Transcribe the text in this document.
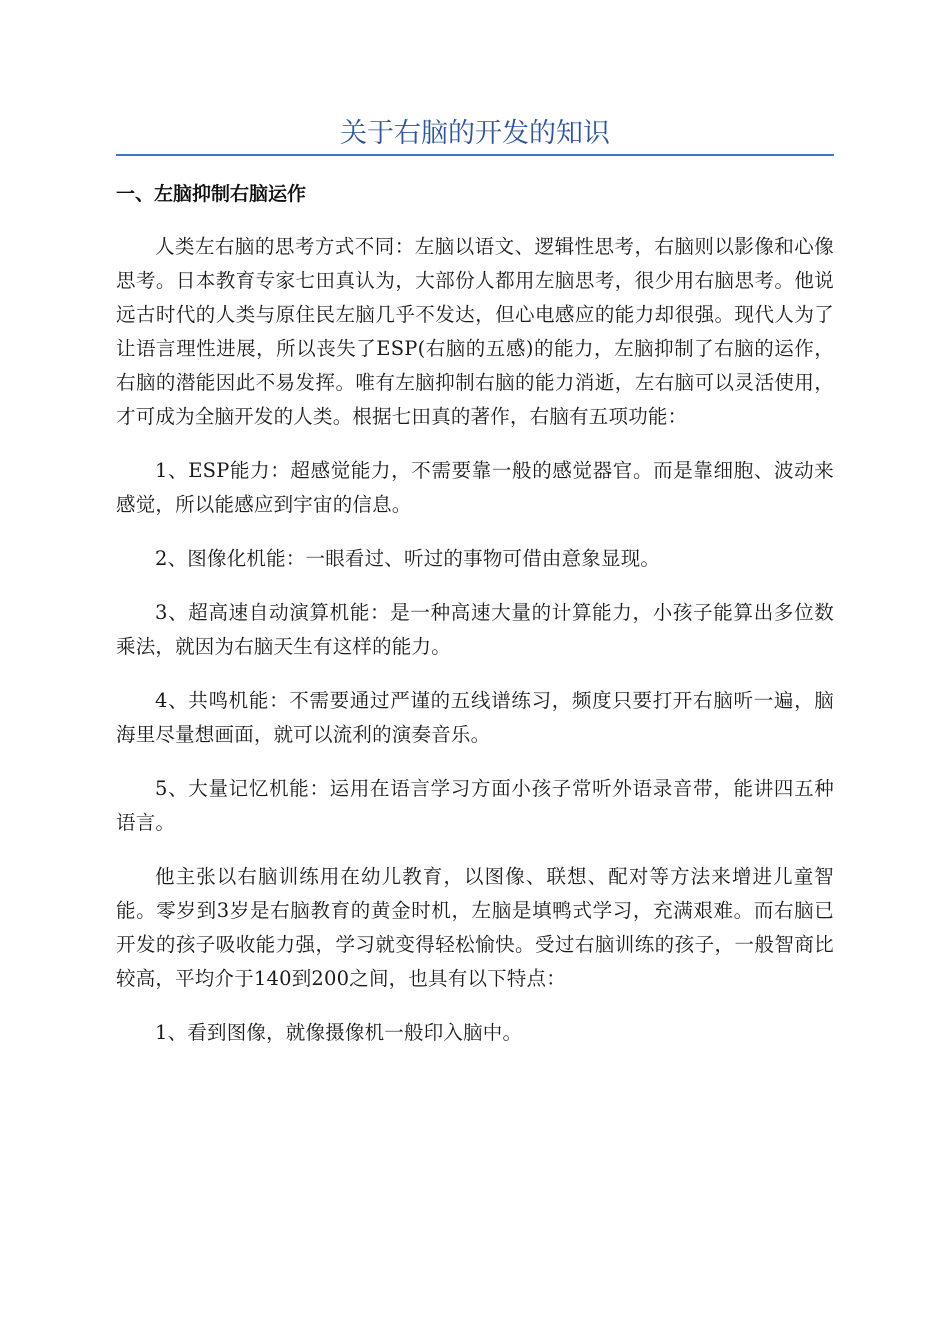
关于右脑的开发的知识
一、左脑抑制右脑运作

人类左右脑的思考方式不同：左脑以语文、逻辑性思考，右脑则以影像和心像思考。日本教育专家七田真认为，大部份人都用左脑思考，很少用右脑思考。他说远古时代的人类与原住民左脑几乎不发达，但心电感应的能力却很强。现代人为了让语言理性进展，所以丧失了ESP(右脑的五感)的能力，左脑抑制了右脑的运作，右脑的潜能因此不易发挥。唯有左脑抑制右脑的能力消逝，左右脑可以灵活使用，才可成为全脑开发的人类。根据七田真的著作，右脑有五项功能：

1、ESP能力：超感觉能力，不需要靠一般的感觉器官。而是靠细胞、波动来感觉，所以能感应到宇宙的信息。

2、图像化机能：一眼看过、听过的事物可借由意象显现。

3、超高速自动演算机能：是一种高速大量的计算能力，小孩子能算出多位数乘法，就因为右脑天生有这样的能力。

4、共鸣机能：不需要通过严谨的五线谱练习，频度只要打开右脑听一遍，脑海里尽量想画面，就可以流利的演奏音乐。

5、大量记忆机能：运用在语言学习方面小孩子常听外语录音带，能讲四五种语言。

他主张以右脑训练用在幼儿教育，以图像、联想、配对等方法来增进儿童智能。零岁到3岁是右脑教育的黄金时机，左脑是填鸭式学习，充满艰难。而右脑已开发的孩子吸收能力强，学习就变得轻松愉快。受过右脑训练的孩子，一般智商比较高，平均介于140到200之间，也具有以下特点：

1、看到图像，就像摄像机一般印入脑中。
